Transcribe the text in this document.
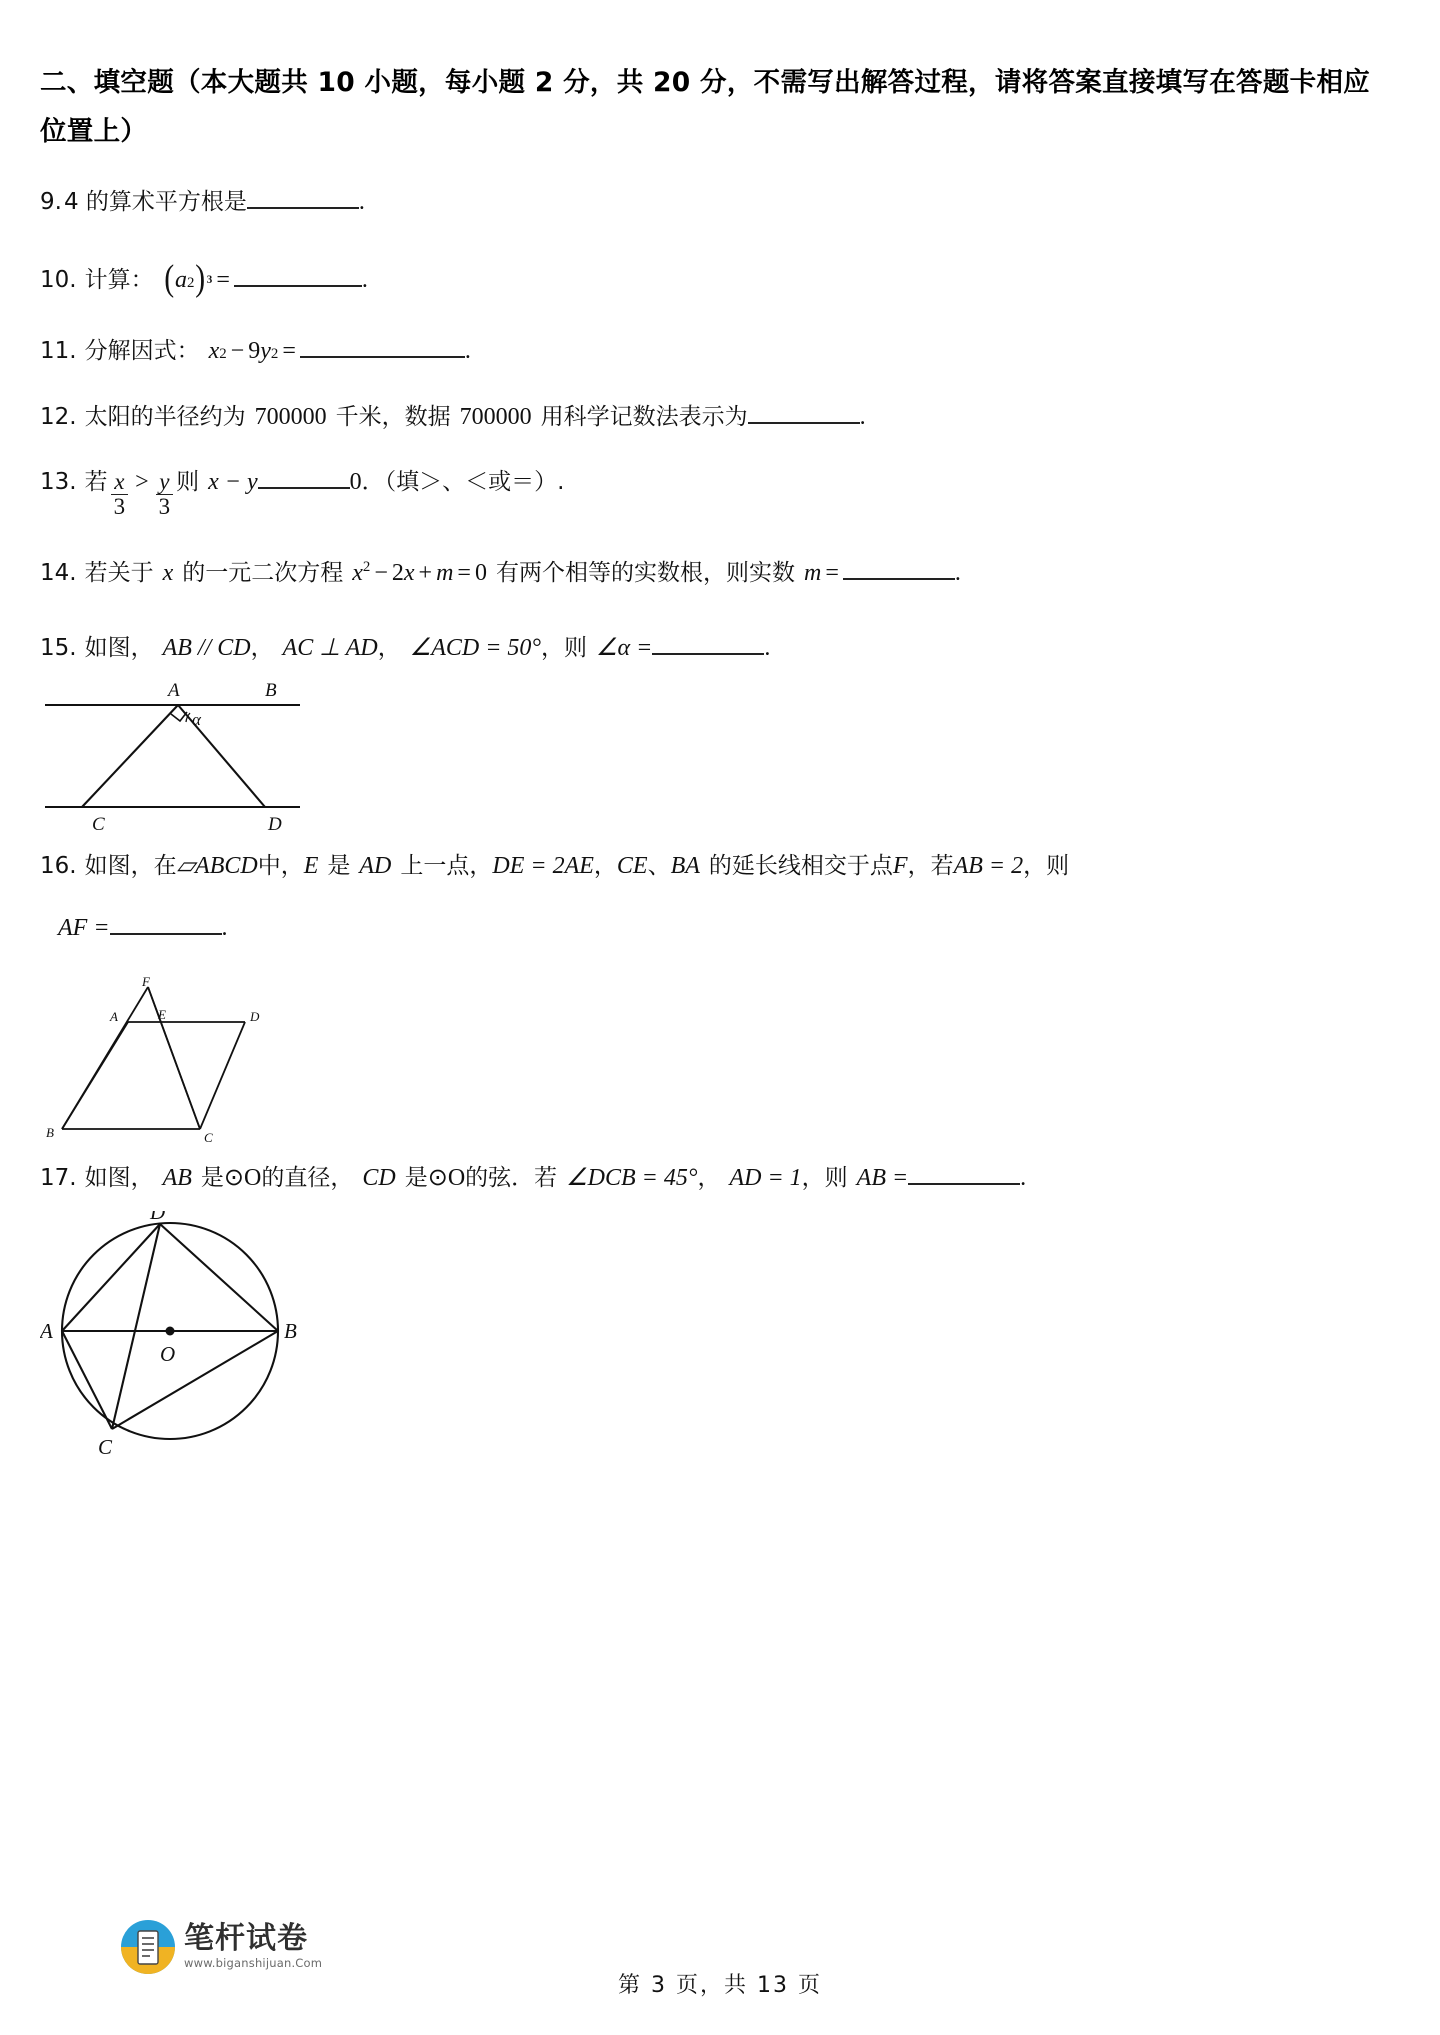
二、填空题（本大题共 10 小题，每小题 2 分，共 20 分，不需写出解答过程，请将答案直接填写在答题卡相应位置上）
9. 4 的算术平方根是	.
10. 计算： ( a 2 ) 3 =	.
11. 分解因式： x 2 − 9 y 2 =	.
12. 太阳的半径约为 700000 千米，数据 700000 用科学记数法表示为	.
13. 若 $\frac{x}{3} > \frac{y}{3}$ 则 x − y	0 ．（填＞、＜或＝）.
14. 若关于 x 的一元二次方程 $x^2 - 2x + m = 0$ 有两个相等的实数根，则实数 m =	.
15. 如图， AB // CD ， AC ⊥ AD ， ∠ACD = 50° ， 则 ∠α =	.
A	B
α
C	D
16. 如图，在 ▱ABCD 中， E 是 AD 上一点， DE = 2AE ， CE 、 BA 的延长线相交于点 F ，若 AB = 2 ，则
AF =	.
F
E
A	D
B	C
17. 如图， AB 是 ⊙O 的直径， CD 是 ⊙O 的弦．若 ∠DCB = 45° ， AD = 1 ，则 AB =	.
D
A
O
B
C
笔杆试卷
www.biganshijuan.Com
第 3 页，共 13 页
